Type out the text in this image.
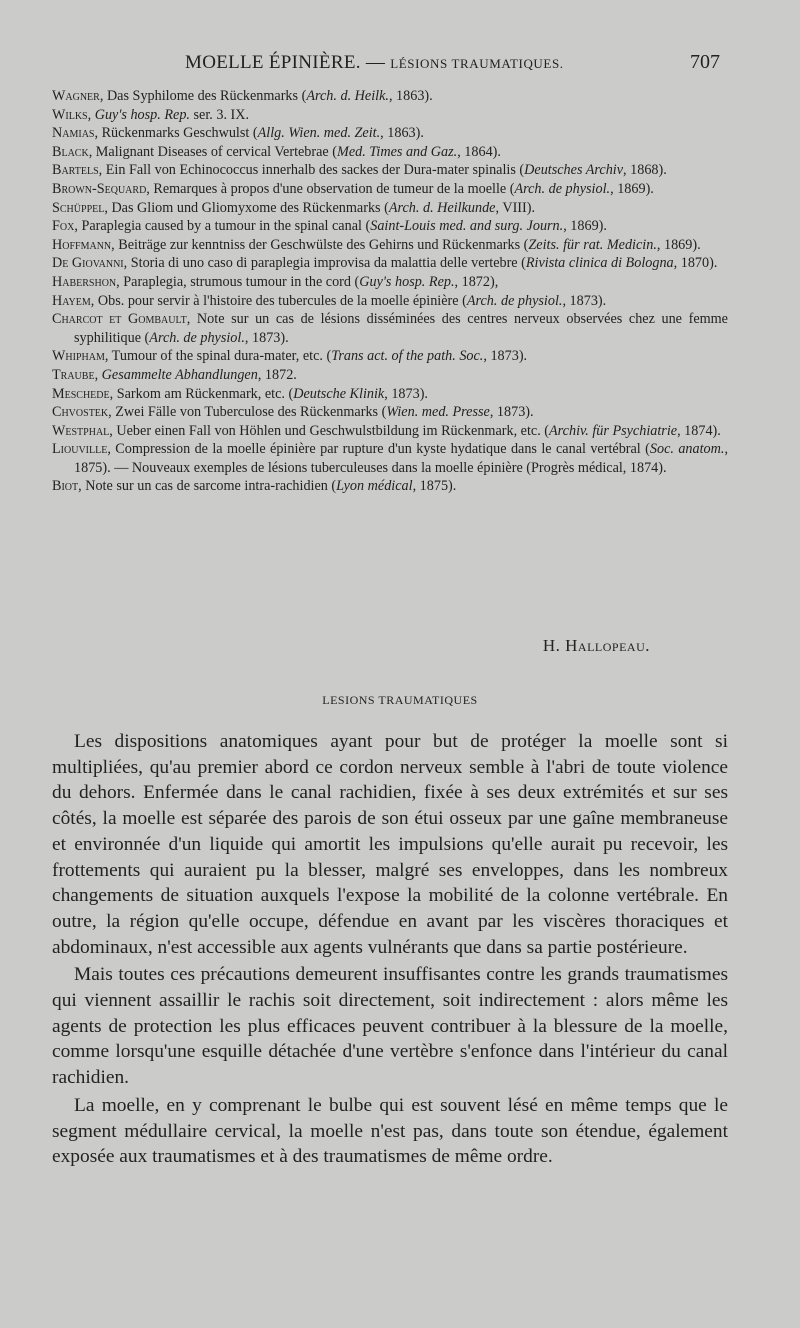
MOELLE ÉPINIÈRE. — LÉSIONS TRAUMATIQUES.	707
Wagner, Das Syphilome des Rückenmarks (Arch. d. Heilk., 1863).
Wilks, Guy's hosp. Rep. ser. 3. IX.
Namias, Rückenmarks Geschwulst (Allg. Wien. med. Zeit., 1863).
Black, Malignant Diseases of cervical Vertebrae (Med. Times and Gaz., 1864).
Bartels, Ein Fall von Echinococcus innerhalb des sackes der Dura-mater spinalis (Deutsches Archiv, 1868).
Brown-Sequard, Remarques à propos d'une observation de tumeur de la moelle (Arch. de physiol., 1869).
Schüppel, Das Gliom und Gliomyxome des Rückenmarks (Arch. d. Heilkunde, VIII).
Fox, Paraplegia caused by a tumour in the spinal canal (Saint-Louis med. and surg. Journ., 1869).
Hoffmann, Beiträge zur kenntniss der Geschwülste des Gehirns und Rückenmarks (Zeits. für rat. Medicin., 1869).
De Giovanni, Storia di uno caso di paraplegia improvisa da malattia delle vertebre (Rivista clinica di Bologna, 1870).
Habershon, Paraplegia, strumous tumour in the cord (Guy's hosp. Rep., 1872),
Hayem, Obs. pour servir à l'histoire des tubercules de la moelle épinière (Arch. de physiol., 1873).
Charcot et Gombault, Note sur un cas de lésions disséminées des centres nerveux observées chez une femme syphilitique (Arch. de physiol., 1873).
Whipham, Tumour of the spinal dura-mater, etc. (Trans act. of the path. Soc., 1873).
Traube, Gesammelte Abhandlungen, 1872.
Meschede, Sarkom am Rückenmark, etc. (Deutsche Klinik, 1873).
Chvostek, Zwei Fälle von Tuberculose des Rückenmarks (Wien. med. Presse, 1873).
Westphal, Ueber einen Fall von Höhlen und Geschwulstbildung im Rückenmark, etc. (Archiv. für Psychiatrie, 1874).
Liouville, Compression de la moelle épinière par rupture d'un kyste hydatique dans le canal vertébral (Soc. anatom., 1875). — Nouveaux exemples de lésions tuberculeuses dans la moelle épinière (Progrès médical, 1874).
Biot, Note sur un cas de sarcome intra-rachidien (Lyon médical, 1875).
H. Hallopeau.
LESIONS TRAUMATIQUES

Les dispositions anatomiques ayant pour but de protéger la moelle sont si multipliées, qu'au premier abord ce cordon nerveux semble à l'abri de toute violence du dehors. Enfermée dans le canal rachidien, fixée à ses deux extrémités et sur ses côtés, la moelle est séparée des parois de son étui osseux par une gaîne membraneuse et environnée d'un liquide qui amortit les impulsions qu'elle aurait pu recevoir, les frottements qui auraient pu la blesser, malgré ses enveloppes, dans les nombreux changements de situation auxquels l'expose la mobilité de la colonne vertébrale. En outre, la région qu'elle occupe, défendue en avant par les viscères thoraciques et abdominaux, n'est accessible aux agents vulnérants que dans sa partie postérieure.

Mais toutes ces précautions demeurent insuffisantes contre les grands traumatismes qui viennent assaillir le rachis soit directement, soit indirectement : alors même les agents de protection les plus efficaces peuvent contribuer à la blessure de la moelle, comme lorsqu'une esquille détachée d'une vertèbre s'enfonce dans l'intérieur du canal rachidien.

La moelle, en y comprenant le bulbe qui est souvent lésé en même temps que le segment médullaire cervical, la moelle n'est pas, dans toute son étendue, également exposée aux traumatismes et à des traumatismes de même ordre.
